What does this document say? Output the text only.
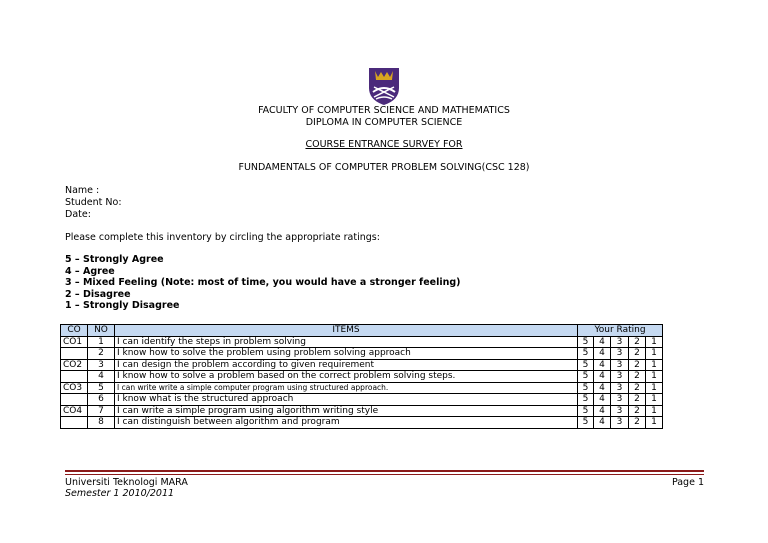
FACULTY OF COMPUTER SCIENCE AND MATHEMATICS
DIPLOMA IN COMPUTER SCIENCE
COURSE ENTRANCE SURVEY FOR
FUNDAMENTALS OF COMPUTER PROBLEM SOLVING(CSC 128)
Name :
Student No:
Date:
Please complete this inventory by circling the appropriate ratings:
5 – Strongly Agree
4 – Agree
3 – Mixed Feeling (Note: most of time, you would have a stronger feeling)
2 – Disagree
1 – Strongly Disagree
CO	NO	ITEMS	Your Rating				
CO1	1	I can identify the steps in problem solving	5	4	3	2	1
	2	I know how to solve the problem using problem solving approach	5	4	3	2	1
CO2	3	I can design the problem according to given requirement	5	4	3	2	1
	4	I know how to solve a problem based on the correct problem solving steps.	5	4	3	2	1
CO3	5	I can write write a simple computer program using structured approach.	5	4	3	2	1
	6	I know what is the structured approach	5	4	3	2	1
CO4	7	I can write a simple program using algorithm writing style	5	4	3	2	1
	8	I can distinguish between algorithm and program	5	4	3	2	1
Universiti Teknologi MARA
Semester 1 2010/2011
Page 1
